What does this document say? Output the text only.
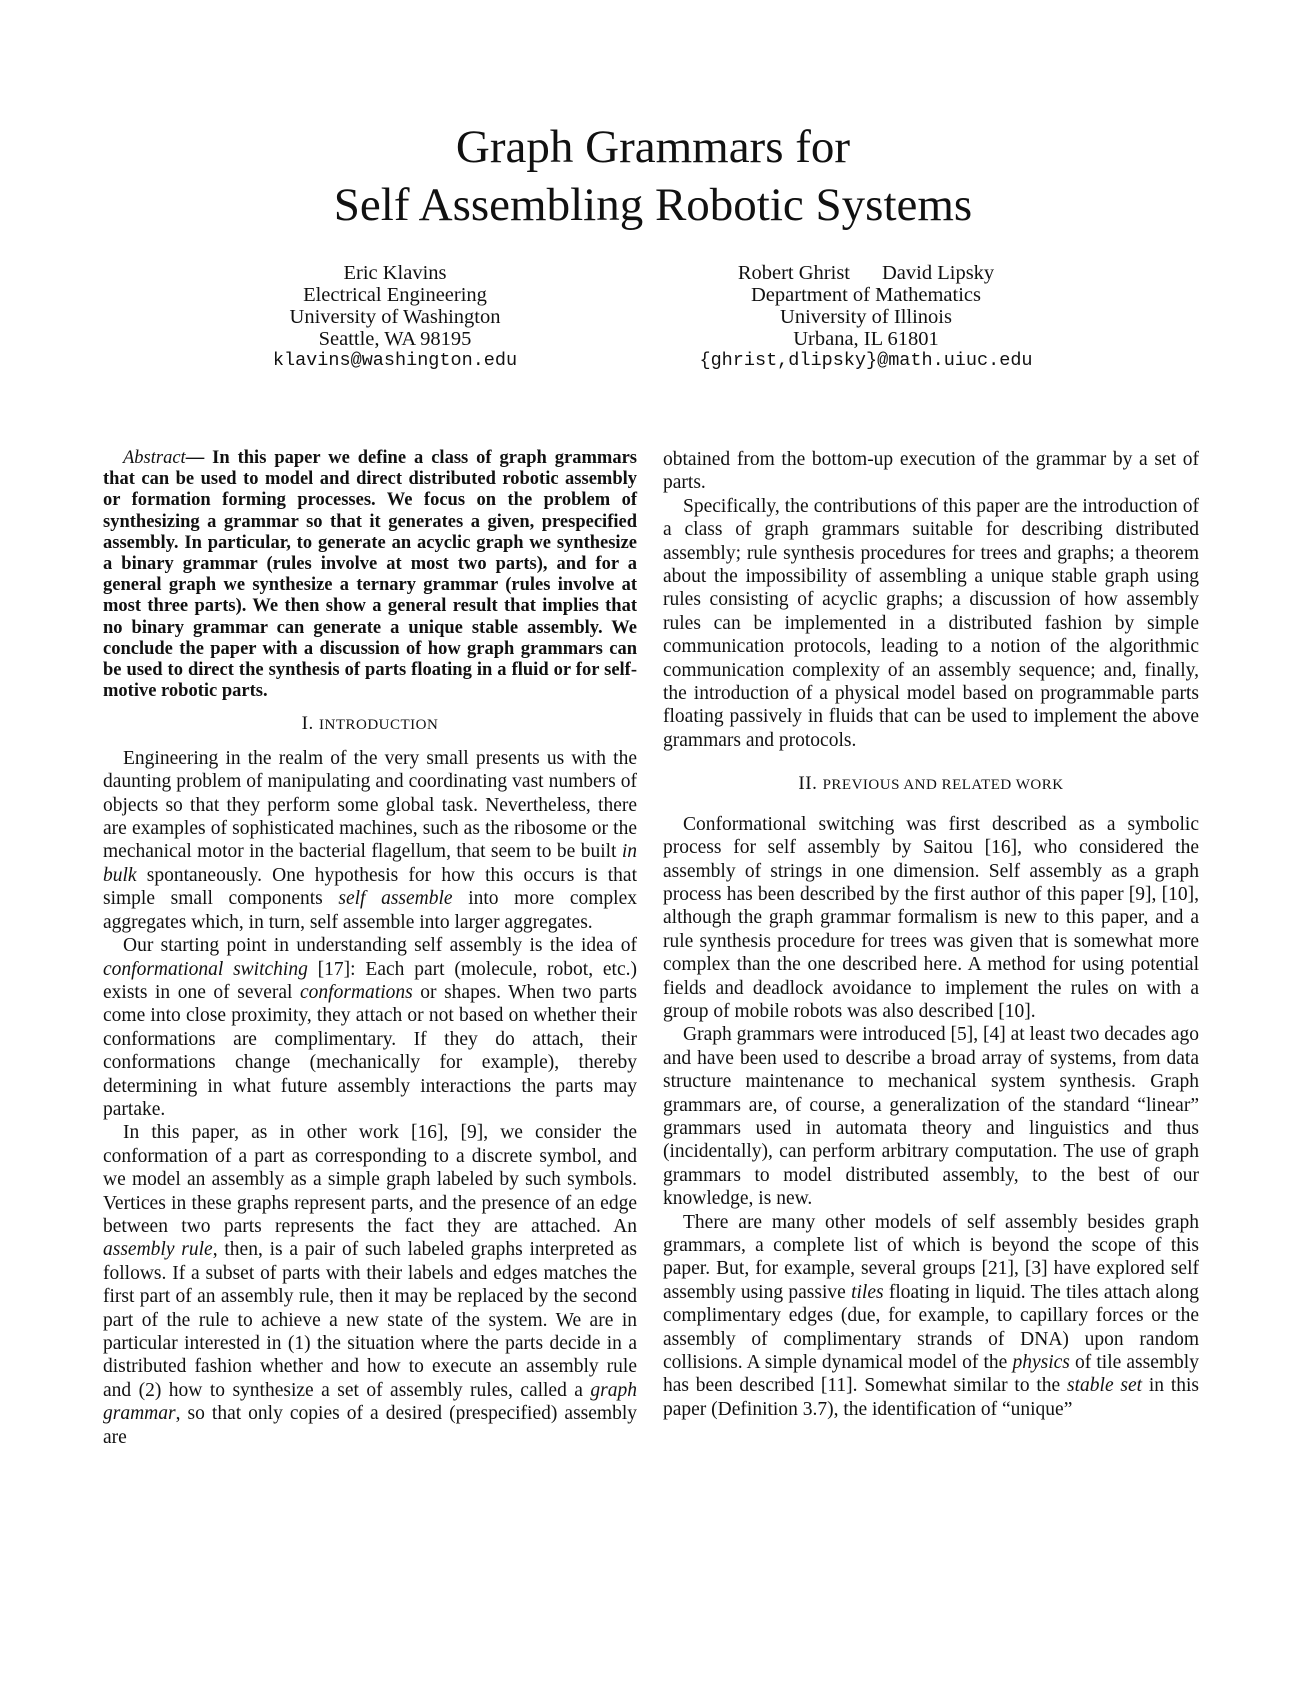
Graph Grammars for
Self Assembling Robotic Systems
Eric Klavins
Electrical Engineering
University of Washington
Seattle, WA 98195
klavins@washington.edu
Robert Ghrist David Lipsky
Department of Mathematics
University of Illinois
Urbana, IL 61801
{ghrist,dlipsky}@math.uiuc.edu

Abstract— In this paper we define a class of graph grammars that can be used to model and direct distributed robotic assembly or formation forming processes. We focus on the problem of synthesizing a grammar so that it generates a given, prespecified assembly. In particular, to generate an acyclic graph we synthesize a binary grammar (rules involve at most two parts), and for a general graph we synthesize a ternary grammar (rules involve at most three parts). We then show a general result that implies that no binary grammar can generate a unique stable assembly. We conclude the paper with a discussion of how graph grammars can be used to direct the synthesis of parts floating in a fluid or for self-motive robotic parts.

I. INTRODUCTION

Engineering in the realm of the very small presents us with the daunting problem of manipulating and coordinating vast numbers of objects so that they perform some global task. Nevertheless, there are examples of sophisticated machines, such as the ribosome or the mechanical motor in the bacterial flagellum, that seem to be built in bulk spontaneously. One hypothesis for how this occurs is that simple small components self assemble into more complex aggregates which, in turn, self assemble into larger aggregates.

Our starting point in understanding self assembly is the idea of conformational switching [17]: Each part (molecule, robot, etc.) exists in one of several conformations or shapes. When two parts come into close proximity, they attach or not based on whether their conformations are complimentary. If they do attach, their conformations change (mechanically for example), thereby determining in what future assembly interactions the parts may partake.

In this paper, as in other work [16], [9], we consider the conformation of a part as corresponding to a discrete symbol, and we model an assembly as a simple graph labeled by such symbols. Vertices in these graphs represent parts, and the presence of an edge between two parts represents the fact they are attached. An assembly rule, then, is a pair of such labeled graphs interpreted as follows. If a subset of parts with their labels and edges matches the first part of an assembly rule, then it may be replaced by the second part of the rule to achieve a new state of the system. We are in particular interested in (1) the situation where the parts decide in a distributed fashion whether and how to execute an assembly rule and (2) how to synthesize a set of assembly rules, called a graph grammar, so that only copies of a desired (prespecified) assembly are

obtained from the bottom-up execution of the grammar by a set of parts.

Specifically, the contributions of this paper are the introduction of a class of graph grammars suitable for describing distributed assembly; rule synthesis procedures for trees and graphs; a theorem about the impossibility of assembling a unique stable graph using rules consisting of acyclic graphs; a discussion of how assembly rules can be implemented in a distributed fashion by simple communication protocols, leading to a notion of the algorithmic communication complexity of an assembly sequence; and, finally, the introduction of a physical model based on programmable parts floating passively in fluids that can be used to implement the above grammars and protocols.

II. PREVIOUS AND RELATED WORK

Conformational switching was first described as a symbolic process for self assembly by Saitou [16], who considered the assembly of strings in one dimension. Self assembly as a graph process has been described by the first author of this paper [9], [10], although the graph grammar formalism is new to this paper, and a rule synthesis procedure for trees was given that is somewhat more complex than the one described here. A method for using potential fields and deadlock avoidance to implement the rules on with a group of mobile robots was also described [10].

Graph grammars were introduced [5], [4] at least two decades ago and have been used to describe a broad array of systems, from data structure maintenance to mechanical system synthesis. Graph grammars are, of course, a generalization of the standard “linear” grammars used in automata theory and linguistics and thus (incidentally), can perform arbitrary computation. The use of graph grammars to model distributed assembly, to the best of our knowledge, is new.

There are many other models of self assembly besides graph grammars, a complete list of which is beyond the scope of this paper. But, for example, several groups [21], [3] have explored self assembly using passive tiles floating in liquid. The tiles attach along complimentary edges (due, for example, to capillary forces or the assembly of complimentary strands of DNA) upon random collisions. A simple dynamical model of the physics of tile assembly has been described [11]. Somewhat similar to the stable set in this paper (Definition 3.7), the identification of “unique”
